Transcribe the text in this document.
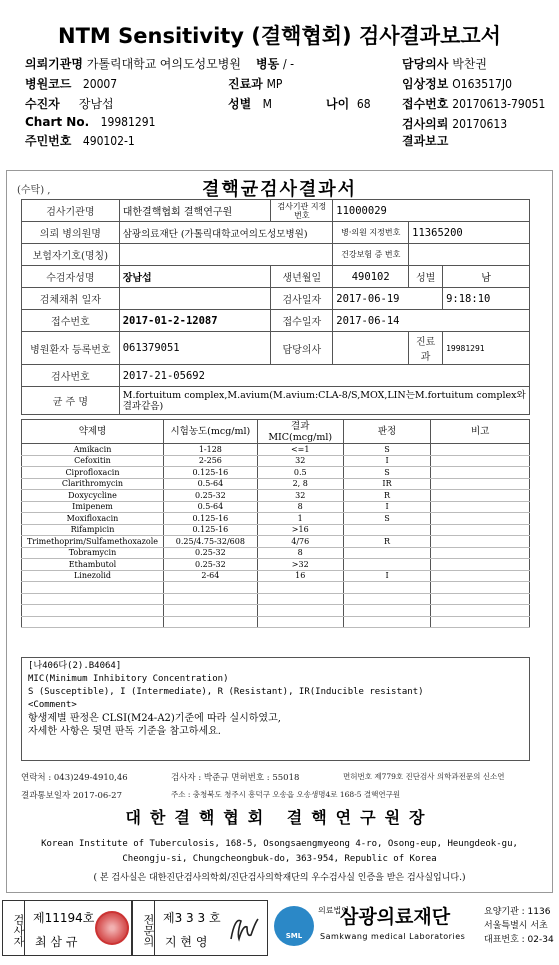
NTM Sensitivity (결핵협회) 검사결과보고서
의뢰기관명 가톨릭대학교 여의도성모병원 병동 / -	담당의사 박찬권
병원코드 20007	진료과 MP	임상정보 O163517J0
수진자 장남섭	성별 M	나이 68	접수번호 20170613-79051
Chart No. 19981291	검사의뢰 20170613
주민번호 490102-1	결과보고
(수탁) ,	결핵균검사결과서
검사기관명	대한결핵협회 결핵연구원	검사기관 지정번호	11000029		
의뢰 병의원명	삼광의료재단 (가톨릭대학교여의도성모병원)		병·의원 지정번호	11365200	
보험자기호(명칭)			건강보험 증 번호		
수검자성명	장남섭	생년월일	490102	성별	남
검체채취 일자		검사일자	2017-06-19		9:18:10
접수번호	2017-01-2-12087	접수일자	2017-06-14		
병원환자 등록번호	061379051	담당의사		진료과	19981291
검사번호	2017-21-05692				
균 주 명	M.fortuitum complex,M.avium(M.avium:CLA-8/S,MOX,LIN는M.fortuitum complex와결과같음)				
약제명	시험농도(mcg/ml)	결과 MIC(mcg/ml)	판정	비고
Amikacin	1-128	<=1	S	
Cefoxitin	2-256	32	I	
Ciprofloxacin	0.125-16	0.5	S	
Clarithromycin	0.5-64	2, 8	IR	
Doxycycline	0.25-32	32	R	
Imipenem	0.5-64	8	I	
Moxifloxacin	0.125-16	1	S	
Rifampicin	0.125-16	>16		
Trimethoprim/Sulfamethoxazole	0.25/4.75-32/608	4/76	R	
Tobramycin	0.25-32	8		
Ethambutol	0.25-32	>32		
Linezolid	2-64	16	I	

[나406다(2).B4064]
MIC(Minimum Inhibitory Concentration)
S (Susceptible), I (Intermediate), R (Resistant), IR(Inducible resistant)
<Comment>
항생제별 판정은 CLSI(M24-A2)기준에 따라 실시하였고,
자세한 사항은 뒷면 판독 기준을 참고하세요.
연락처 : 043)249-4910,46	검사자 : 박준규 면허번호 : 55018	면허번호 제779호 진단검사 의학과전문의 신소연
결과통보일자 2017-06-27	주소 : 충청북도 청주시 흥덕구 오송읍 오송생명4로 168-5 결핵연구원
대한결핵협회 결핵연구원장
Korean Institute of Tuberculosis, 168-5, Osongsaengmyeong 4-ro, Osong-eup, Heungdeok-gu,
Cheongju-si, Chungcheongbuk-do, 363-954, Republic of Korea
( 본 검사실은 대한진단검사의학회/진단검사의학재단의 우수검사실 인증을 받은 검사실입니다.)
검사자 제11194호
최 삼 규	전문의 제3 3 3 호
지 현 영	SML
의료법인
삼광의료재단
Samkwang medical Laboratories
요양기관 : 1136
서울특별시 서초
대표번호 : 02-34
